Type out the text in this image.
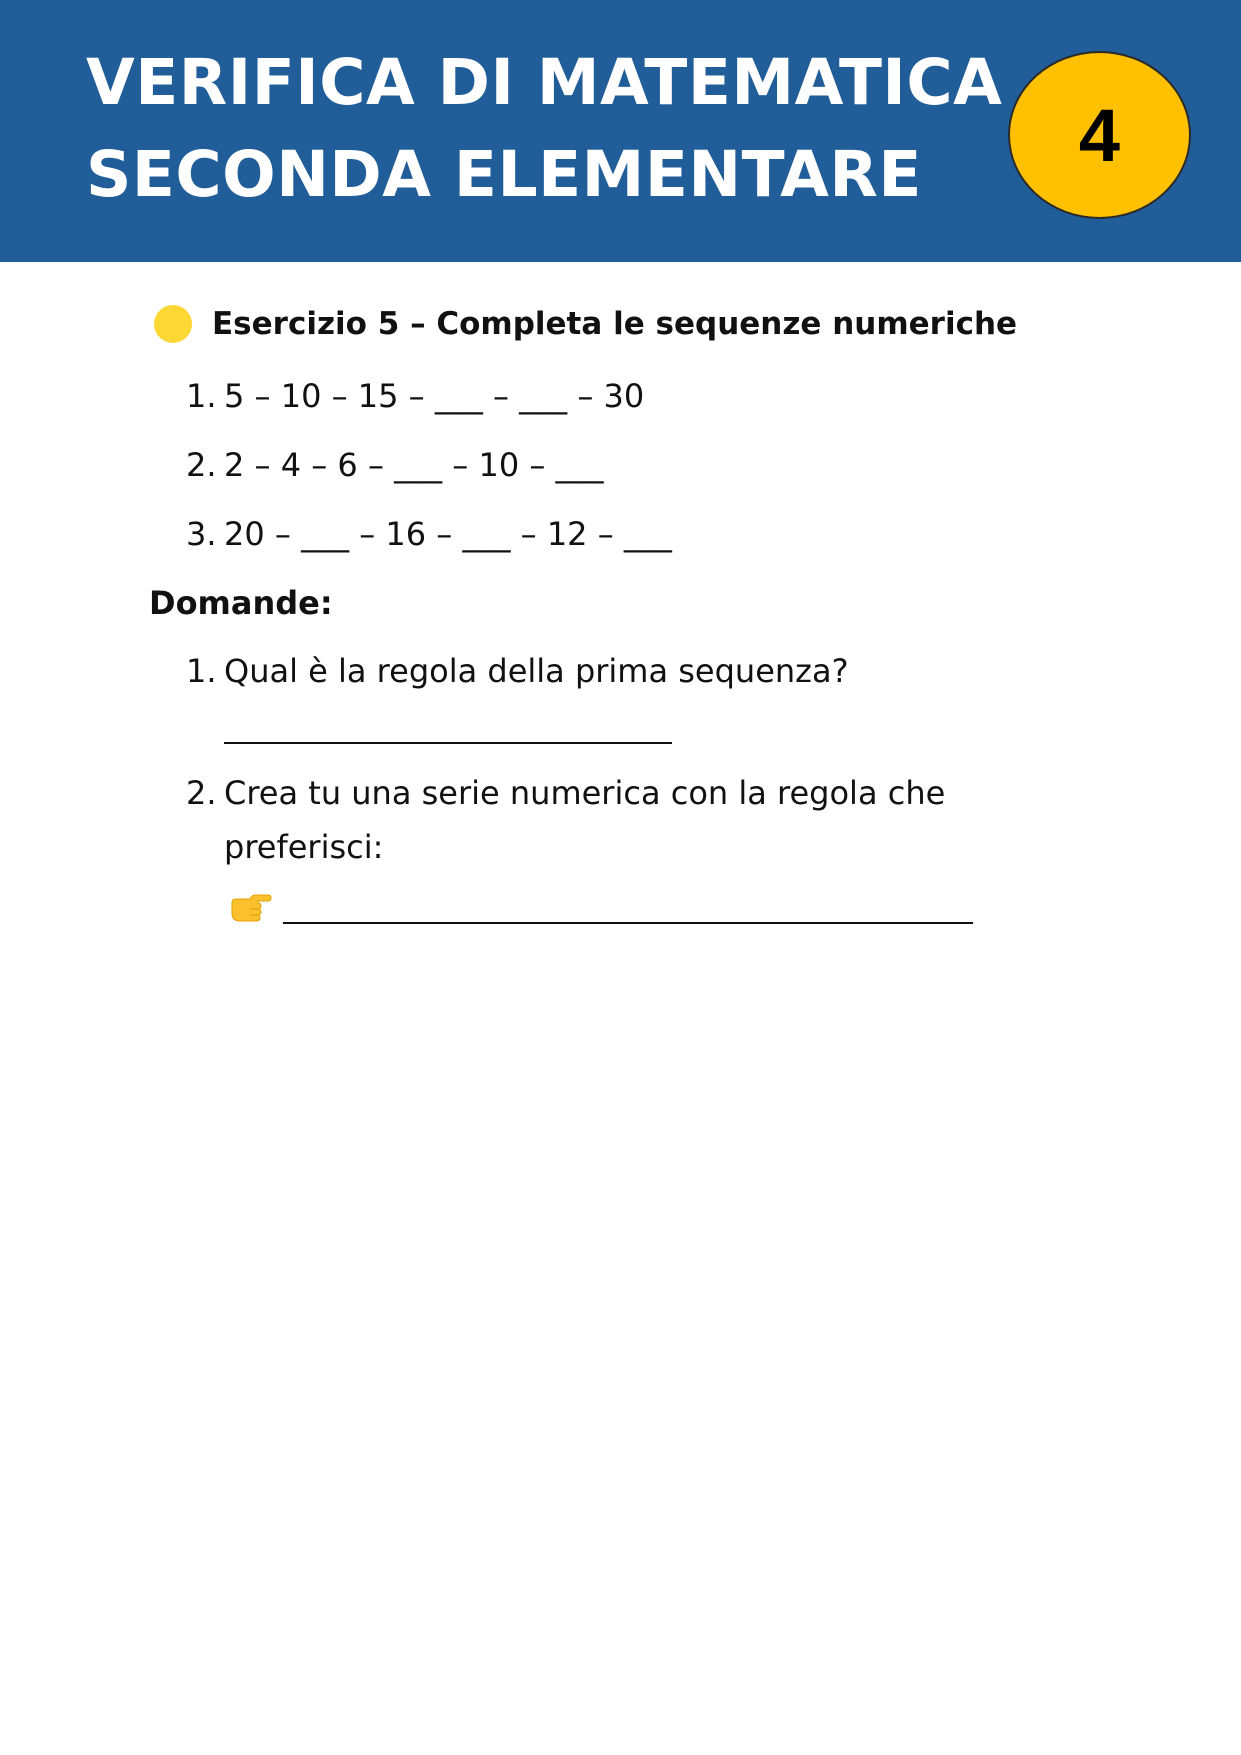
VERIFICA DI MATEMATICA
SECONDA ELEMENTARE 4
Esercizio 5 – Completa le sequenze numeriche
1. 5 – 10 – 15 – ___ – ___ – 30
2. 2 – 4 – 6 – ___ – 10 – ___
3. 20 – ___ – 16 – ___ – 12 – ___
Domande:
1. Qual è la regola della prima sequenza?
2. Crea tu una serie numerica con la regola che
preferisci:
